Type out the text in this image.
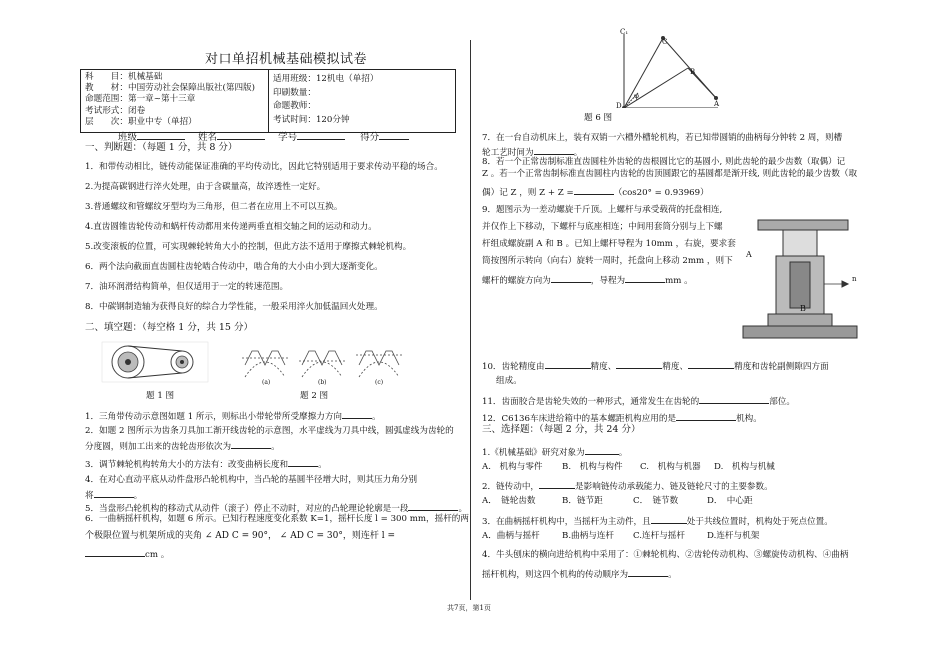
对口单招机械基础模拟试卷
科　　目：机械基础
教　　材：中国劳动社会保障出版社(第四版)
命题范围：第一章~第十三章
考试形式：闭卷
层　　次：职业中专（单招）
适用班级：12机电（单招）
印刷数量：
命题教师：
考试时间：120分钟
班级	姓名	学号	得分
一、判断题：（每题 1 分，共 8 分）
1．和带传动相比，链传动能保证准确的平均传动比，因此它特别适用于要求传动平稳的场合。
2.为提高碳钢进行淬火处理，由于含碳量高，故淬透性一定好。
3.普通螺纹和管螺纹牙型均为三角形，但二者在应用上不可以互换。
4.直齿圆锥齿轮传动和蜗杆传动都用来传递两垂直相交轴之间的运动和动力。
5.改变滚板的位置，可实现棘轮转角大小的控制，但此方法不适用于摩擦式棘轮机构。
6．两个法向截面直齿圆柱齿轮啮合传动中，啮合角的大小由小到大逐渐变化。
7．油环润滑结构简单，但仅适用于一定的转速范围。
8．中碳钢制造轴为获得良好的综合力学性能，一般采用淬火加低温回火处理。
二、填空题：（每空格 1 分，共 15 分）
题 1 图
(a)	(b)	(c)
题 2 图
1．三角带传动示意图如题 1 所示，则标出小带轮带所受摩擦力方向	。
2．如题 2 图所示为齿条刀具加工渐开线齿轮的示意图，水平虚线为刀具中线，圆弧虚线为齿轮的
分度圆，则加工出来的齿轮齿形依次为	。
3．调节棘轮机构转角大小的方法有：改变曲柄长度和	。
4．在对心直动平底从动件盘形凸轮机构中，当凸轮的基圆半径增大时，则其压力角分别
将	。
5．当盘形凸轮机构的移动式从动件（滚子）停止不动时，对应的凸轮理论轮廓是一段	。
6．一曲柄摇杆机构，如题 6 所示。已知行程速度变化系数 K=1，摇杆长度 l = 300 mm，摇杆的两
个极限位置与机架所成的夹角 ∠ AD C = 90°， ∠ AD C = 30°，则连杆 l =
cm 。
C₁
D
C
B
φ
A
题 6 图
7．在一台自动机床上，装有双销一六槽外槽轮机构，若已知带圆销的曲柄每分钟转 2 周，则槽
轮工艺时间为	。
8．若一个正常齿制标准直齿圆柱外齿轮的齿根圆比它的基圆小, 则此齿轮的最少齿数（取偶）记
Z 。若一个正常齿制标准直齿圆柱内齿轮的齿顶圆跟它的基圆都是渐开线, 则此齿轮的最少齿数（取
偶）记 Z ，则 Z + Z =	（cos20° = 0.93969）
9．题图示为一差动螺旋千斤顶。上螺杆与承受载荷的托盘相连,
并仅作上下移动，下螺杆与底座相连；中间用套筒分别与上下螺
杆组成螺旋副 A 和 B 。已知上螺杆导程为 10mm ，右旋，要求套
筒按图所示转向（向右）旋转一周时，托盘向上移动 2mm ，则下
螺杆的螺旋方向为	，导程为	mm 。
A
B
n
10．齿轮精度由	精度、	精度、	精度和齿轮副侧隙四方面
组成。
11．齿面胶合是齿轮失效的一种形式，通常发生在齿轮的	部位。
12．C6136车床进给箱中的基本螺距机构应用的是	机构。
三、选择题：（每题 2 分，共 24 分）
1.《机械基础》研究对象为	。
A.　机构与零件 B.　机构与构件 C.　机构与机器 D.　机构与机械
2．链传动中，	是影响链传动承载能力、链及链轮尺寸的主要参数。
A．　链轮齿数	B．链节距	C．　链节数	D．　中心距
3．在曲柄摇杆机构中，当摇杆为主动件，且	处于共线位置时，机构处于死点位置。
A．曲柄与摇杆	B.曲柄与连杆 C.连杆与摇杆	D.连杆与机架
4．牛头刨床的横向进给机构中采用了：①棘轮机构、②齿轮传动机构、③螺旋传动机构、④曲柄
摇杆机构，则这四个机构的传动顺序为	。
共7页，第1页
